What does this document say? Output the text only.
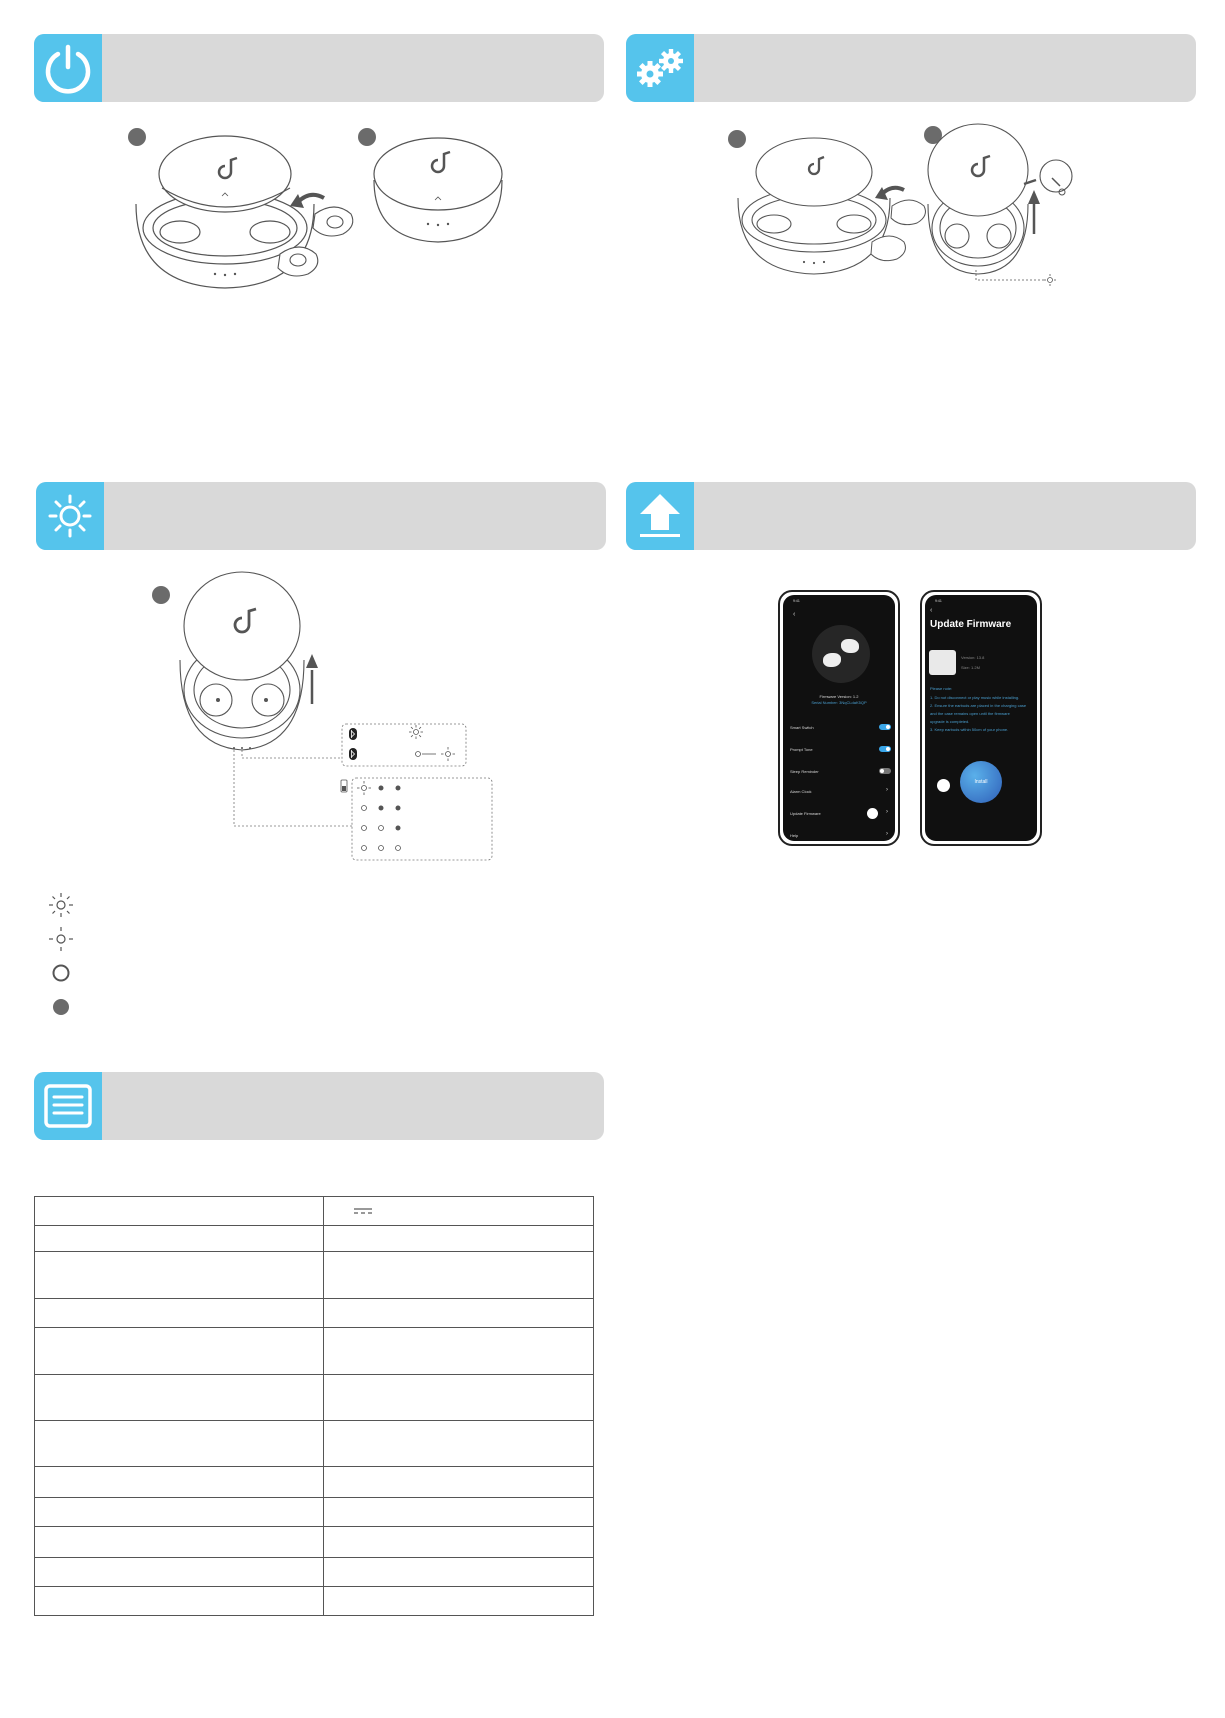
9:41
‹
Firmware Version: 1.2
Serial Number: 3NqCLdaK5QP
Smart Switch
Prompt Tone
Sleep Reminder
Alarm Clock	›
Update Firmware	›
Help	›
9:41
‹
Update Firmware
Version: 13.8
Size: 1.2M
Please note:
1. Do not disconnect or play music while installing.
2. Ensure the earbuds are placed in the charging case
and the case remains open until the firmware
upgrade is completed.
3. Keep earbuds within 50cm of your phone.
Install
